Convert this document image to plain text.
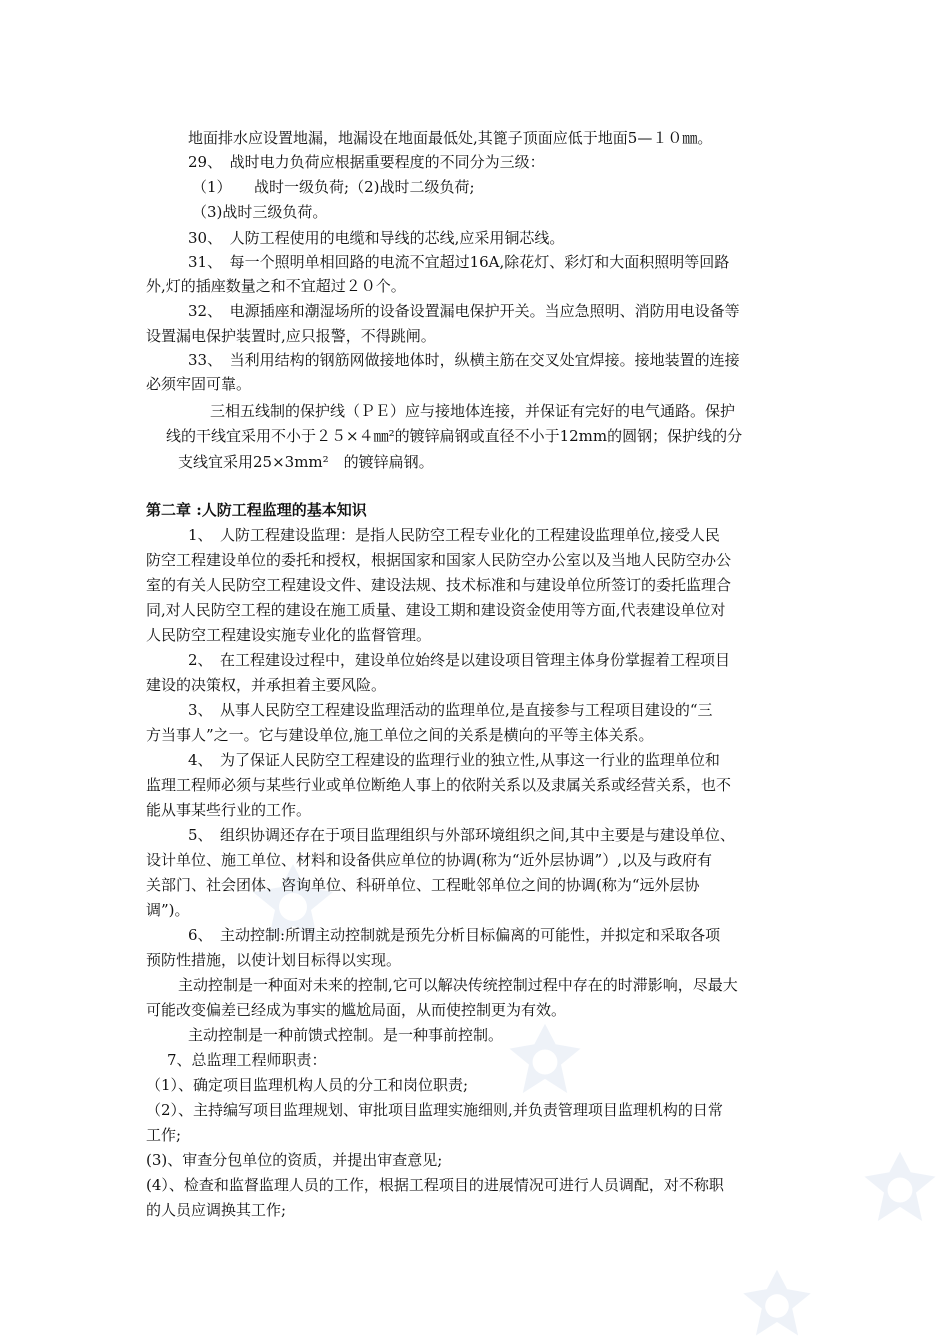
地面排水应设置地漏，地漏设在地面最低处,其篦子顶面应低于地面5—１０㎜。
29、　战时电力负荷应根据重要程度的不同分为三级：
（1）　　战时一级负荷;（2)战时二级负荷;
（3)战时三级负荷。
30、　人防工程使用的电缆和导线的芯线,应采用铜芯线。
31、　每一个照明单相回路的电流不宜超过16A,除花灯、彩灯和大面积照明等回路
外,灯的插座数量之和不宜超过２０个。
32、　电源插座和潮湿场所的设备设置漏电保护开关。当应急照明、消防用电设备等
设置漏电保护装置时,应只报警，不得跳闸。
33、　当利用结构的钢筋网做接地体时，纵横主筋在交叉处宜焊接。接地装置的连接
必须牢固可靠。
三相五线制的保护线（ＰＥ）应与接地体连接，并保证有完好的电气通路。保护
线的干线宜采用不小于２５×４㎜²的镀锌扁钢或直径不小于12mm的圆钢；保护线的分
支线宜采用25×3mm²　的镀锌扁钢。
第二章 :人防工程监理的基本知识
1、　人防工程建设监理：是指人民防空工程专业化的工程建设监理单位,接受人民
防空工程建设单位的委托和授权，根据国家和国家人民防空办公室以及当地人民防空办公
室的有关人民防空工程建设文件、建设法规、技术标准和与建设单位所签订的委托监理合
同,对人民防空工程的建设在施工质量、建设工期和建设资金使用等方面,代表建设单位对
人民防空工程建设实施专业化的监督管理。
2、　在工程建设过程中，建设单位始终是以建设项目管理主体身份掌握着工程项目
建设的决策权，并承担着主要风险。
3、　从事人民防空工程建设监理活动的监理单位,是直接参与工程项目建设的“三
方当事人”之一。它与建设单位,施工单位之间的关系是横向的平等主体关系。
4、　为了保证人民防空工程建设的监理行业的独立性,从事这一行业的监理单位和
监理工程师必须与某些行业或单位断绝人事上的依附关系以及隶属关系或经营关系，也不
能从事某些行业的工作。
5、　组织协调还存在于项目监理组织与外部环境组织之间,其中主要是与建设单位、
设计单位、施工单位、材料和设备供应单位的协调(称为“近外层协调”）,以及与政府有
关部门、社会团体、咨询单位、科研单位、工程毗邻单位之间的协调(称为“远外层协
调”)。
6、　主动控制:所谓主动控制就是预先分析目标偏离的可能性，并拟定和采取各项
预防性措施，以使计划目标得以实现。
主动控制是一种面对未来的控制,它可以解决传统控制过程中存在的时滞影响，尽最大
可能改变偏差已经成为事实的尴尬局面，从而使控制更为有效。
主动控制是一种前馈式控制。是一种事前控制。
7、总监理工程师职责：
（1）、确定项目监理机构人员的分工和岗位职责;
（2）、主持编写项目监理规划、审批项目监理实施细则,并负责管理项目监理机构的日常
工作;
(3)、审查分包单位的资质，并提出审查意见;
(4）、检查和监督监理人员的工作，根据工程项目的进展情况可进行人员调配，对不称职
的人员应调换其工作;
